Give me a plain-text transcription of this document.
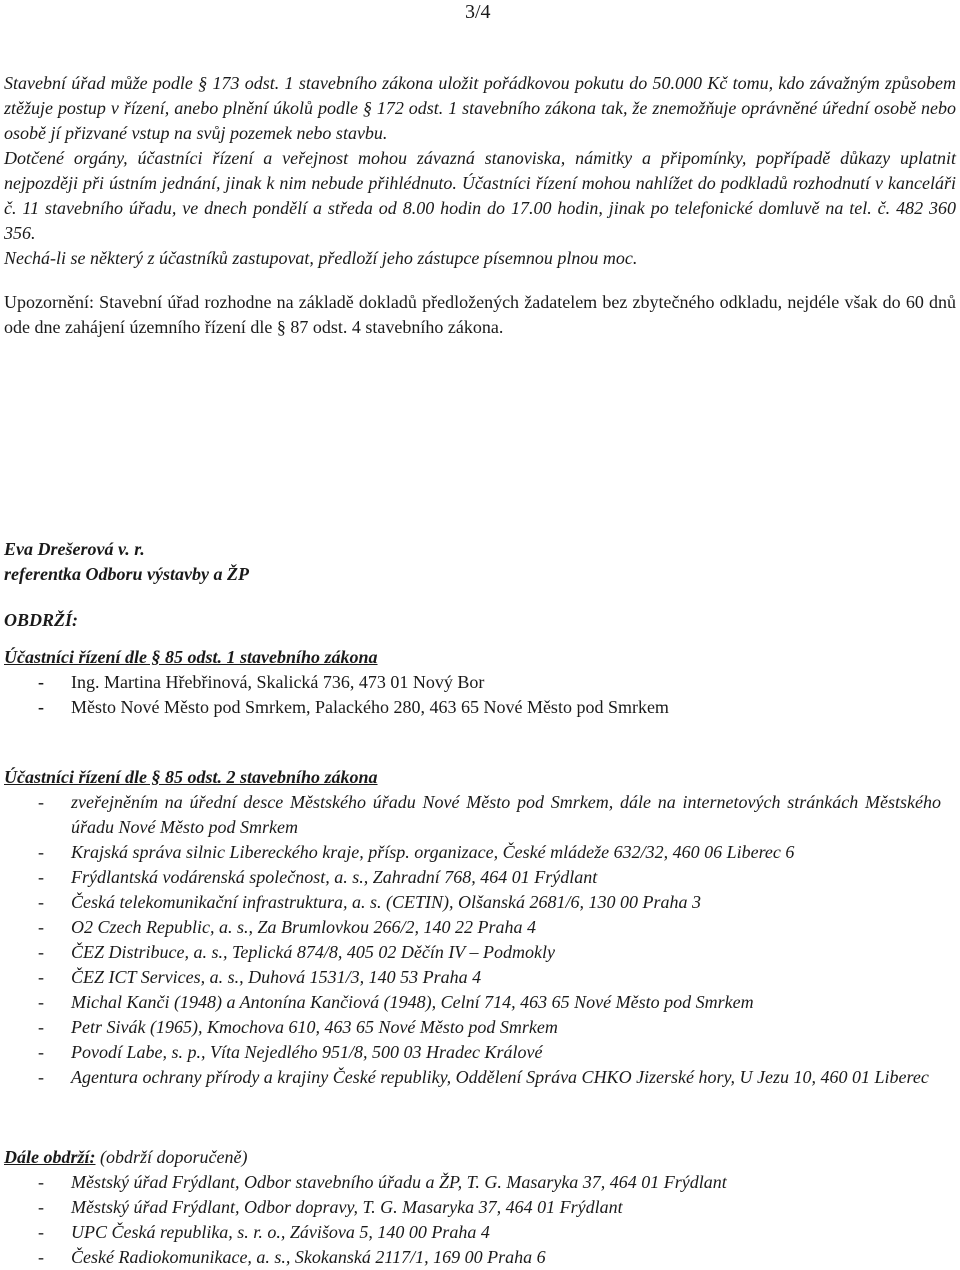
3/4

Stavební úřad může podle § 173 odst. 1 stavebního zákona uložit pořádkovou pokutu do 50.000 Kč tomu, kdo závažným způsobem ztěžuje postup v řízení, anebo plnění úkolů podle § 172 odst. 1 stavebního zákona tak, že znemožňuje oprávněné úřední osobě nebo osobě jí přizvané vstup na svůj pozemek nebo stavbu.

Dotčené orgány, účastníci řízení a veřejnost mohou závazná stanoviska, námitky a připomínky, popřípadě důkazy uplatnit nejpozději při ústním jednání, jinak k nim nebude přihlédnuto. Účastníci řízení mohou nahlížet do podkladů rozhodnutí v kanceláři č. 11 stavebního úřadu, ve dnech pondělí a středa od 8.00 hodin do 17.00 hodin, jinak po telefonické domluvě na tel. č. 482 360 356.

Nechá-li se některý z účastníků zastupovat, předloží jeho zástupce písemnou plnou moc.

Upozornění: Stavební úřad rozhodne na základě dokladů předložených žadatelem bez zbytečného odkladu, nejdéle však do 60 dnů ode dne zahájení územního řízení dle § 87 odst. 4 stavebního zákona.

Eva Drešerová v. r.
referentka Odboru výstavby a ŽP
OBDRŽÍ:
Účastníci řízení dle § 85 odst. 1 stavebního zákona
- Ing. Martina Hřebřinová, Skalická 736, 473 01 Nový Bor
- Město Nové Město pod Smrkem, Palackého 280, 463 65 Nové Město pod Smrkem
Účastníci řízení dle § 85 odst. 2 stavebního zákona
- zveřejněním na úřední desce Městského úřadu Nové Město pod Smrkem, dále na internetových stránkách Městského úřadu Nové Město pod Smrkem
- Krajská správa silnic Libereckého kraje, přísp. organizace, České mládeže 632/32, 460 06 Liberec 6
- Frýdlantská vodárenská společnost, a. s., Zahradní 768, 464 01 Frýdlant
- Česká telekomunikační infrastruktura, a. s. (CETIN), Olšanská 2681/6, 130 00 Praha 3
- O2 Czech Republic, a. s., Za Brumlovkou 266/2, 140 22 Praha 4
- ČEZ Distribuce, a. s., Teplická 874/8, 405 02 Děčín IV – Podmokly
- ČEZ ICT Services, a. s., Duhová 1531/3, 140 53 Praha 4
- Michal Kanči (1948) a Antonína Kančiová (1948), Celní 714, 463 65 Nové Město pod Smrkem
- Petr Sivák (1965), Kmochova 610, 463 65 Nové Město pod Smrkem
- Povodí Labe, s. p., Víta Nejedlého 951/8, 500 03 Hradec Králové
- Agentura ochrany přírody a krajiny České republiky, Oddělení Správa CHKO Jizerské hory, U Jezu 10, 460 01 Liberec
Dále obdrží: (obdrží doporučeně)
- Městský úřad Frýdlant, Odbor stavebního úřadu a ŽP, T. G. Masaryka 37, 464 01 Frýdlant
- Městský úřad Frýdlant, Odbor dopravy, T. G. Masaryka 37, 464 01 Frýdlant
- UPC Česká republika, s. r. o., Závišova 5, 140 00 Praha 4
- České Radiokomunikace, a. s., Skokanská 2117/1, 169 00 Praha 6
